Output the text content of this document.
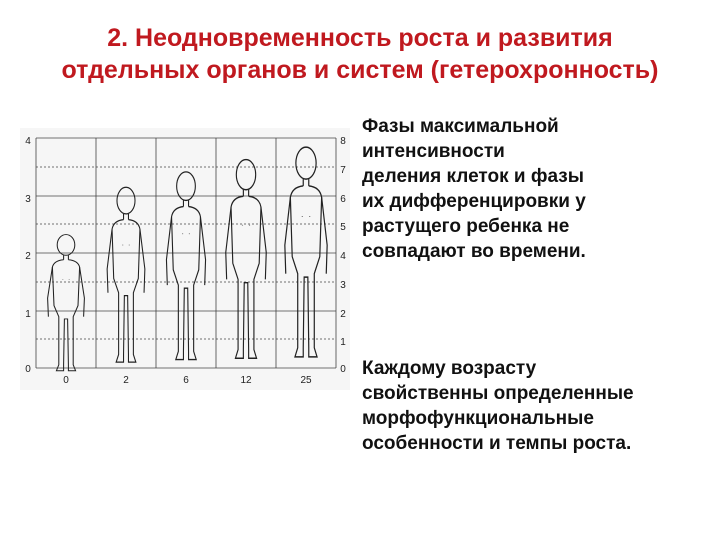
2. Неодновременность роста и развития
отдельных органов и систем (гетерохронность)
4
3
2
1
0
8
7
6
5
4
3
2
1
0
0	2	6	12	25
Фазы максимальной
интенсивности
деления клеток и фазы
их дифференцировки у
растущего ребенка не
совпадают во времени.
Каждому возрасту
свойственны определенные
морфофункциональные
особенности и темпы роста.
